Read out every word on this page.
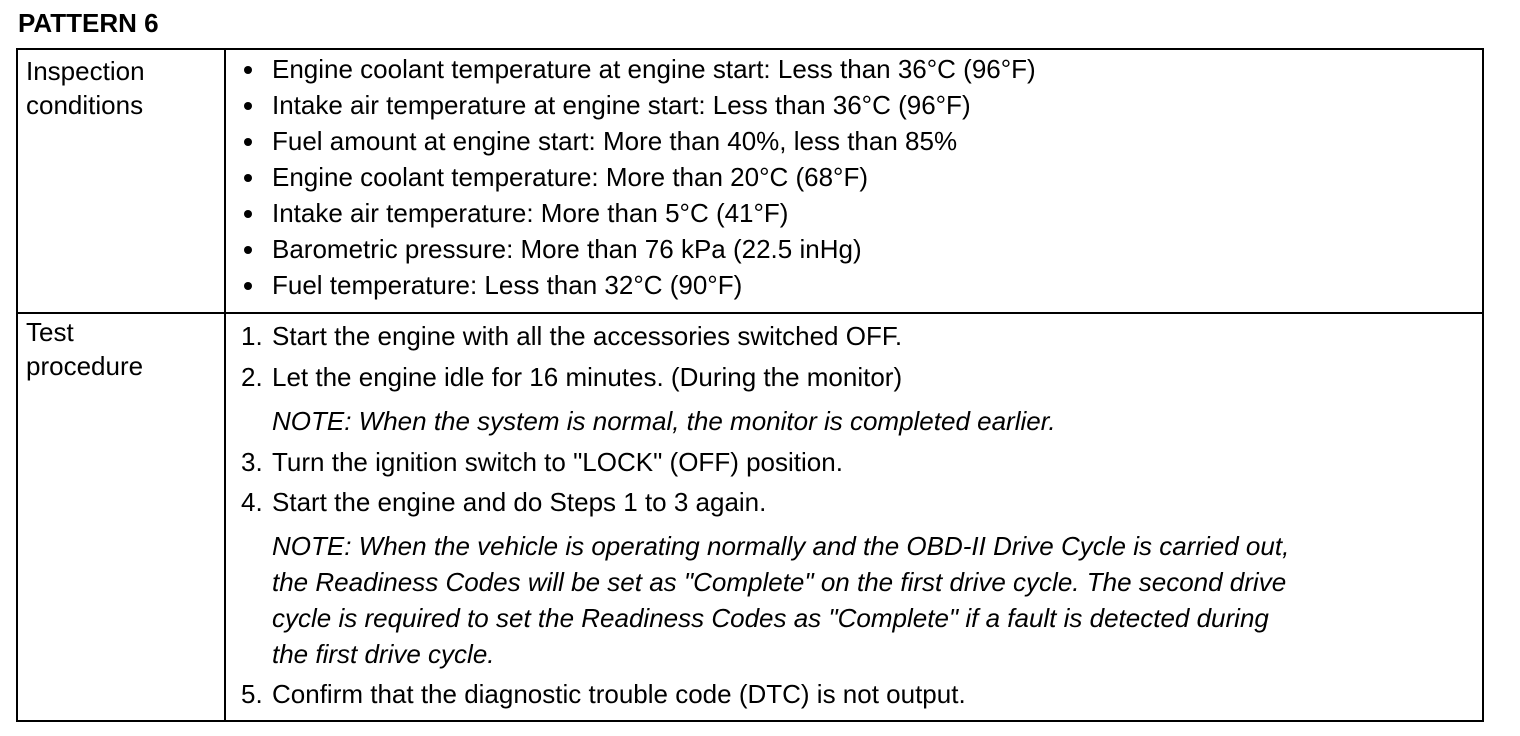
PATTERN 6
Inspection
conditions
Engine coolant temperature at engine start: Less than 36°C (96°F)
Intake air temperature at engine start: Less than 36°C (96°F)
Fuel amount at engine start: More than 40%, less than 85%
Engine coolant temperature: More than 20°C (68°F)
Intake air temperature: More than 5°C (41°F)
Barometric pressure: More than 76 kPa (22.5 inHg)
Fuel temperature: Less than 32°C (90°F)
Test
procedure
1. Start the engine with all the accessories switched OFF.
2. Let the engine idle for 16 minutes. (During the monitor)
NOTE: When the system is normal, the monitor is completed earlier.
3. Turn the ignition switch to "LOCK" (OFF) position.
4. Start the engine and do Steps 1 to 3 again.
NOTE: When the vehicle is operating normally and the OBD-II Drive Cycle is carried out,
the Readiness Codes will be set as "Complete" on the first drive cycle. The second drive
cycle is required to set the Readiness Codes as "Complete" if a fault is detected during
the first drive cycle.
5. Confirm that the diagnostic trouble code (DTC) is not output.
